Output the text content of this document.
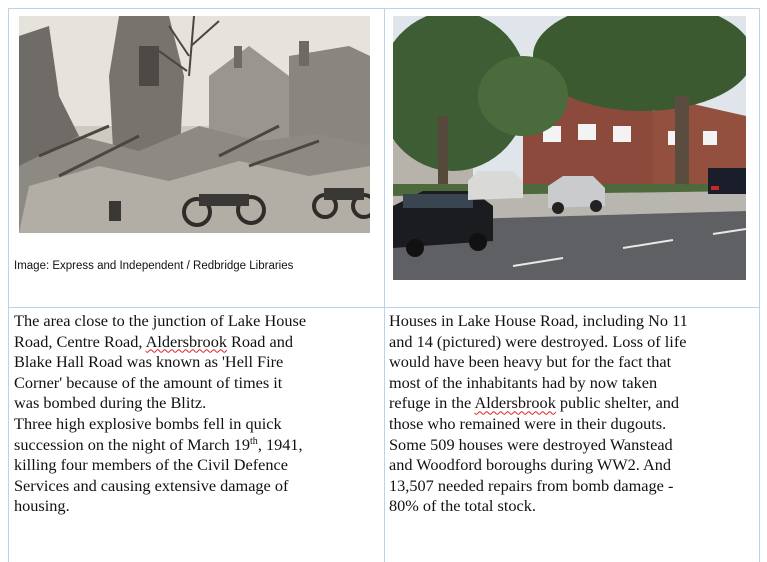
Image: Express and Independent / Redbridge Libraries
The area close to the junction of Lake House
Road, Centre Road, Aldersbrook Road and
Blake Hall Road was known as 'Hell Fire
Corner' because of the amount of times it
was bombed during the Blitz.
Three high explosive bombs fell in quick
succession on the night of March 19th, 1941,
killing four members of the Civil Defence
Services and causing extensive damage of
housing.
Houses in Lake House Road, including No 11
and 14 (pictured) were destroyed. Loss of life
would have been heavy but for the fact that
most of the inhabitants had by now taken
refuge in the Aldersbrook public shelter, and
those who remained were in their dugouts.
Some 509 houses were destroyed Wanstead
and Woodford boroughs during WW2. And
13,507 needed repairs from bomb damage -
80% of the total stock.
